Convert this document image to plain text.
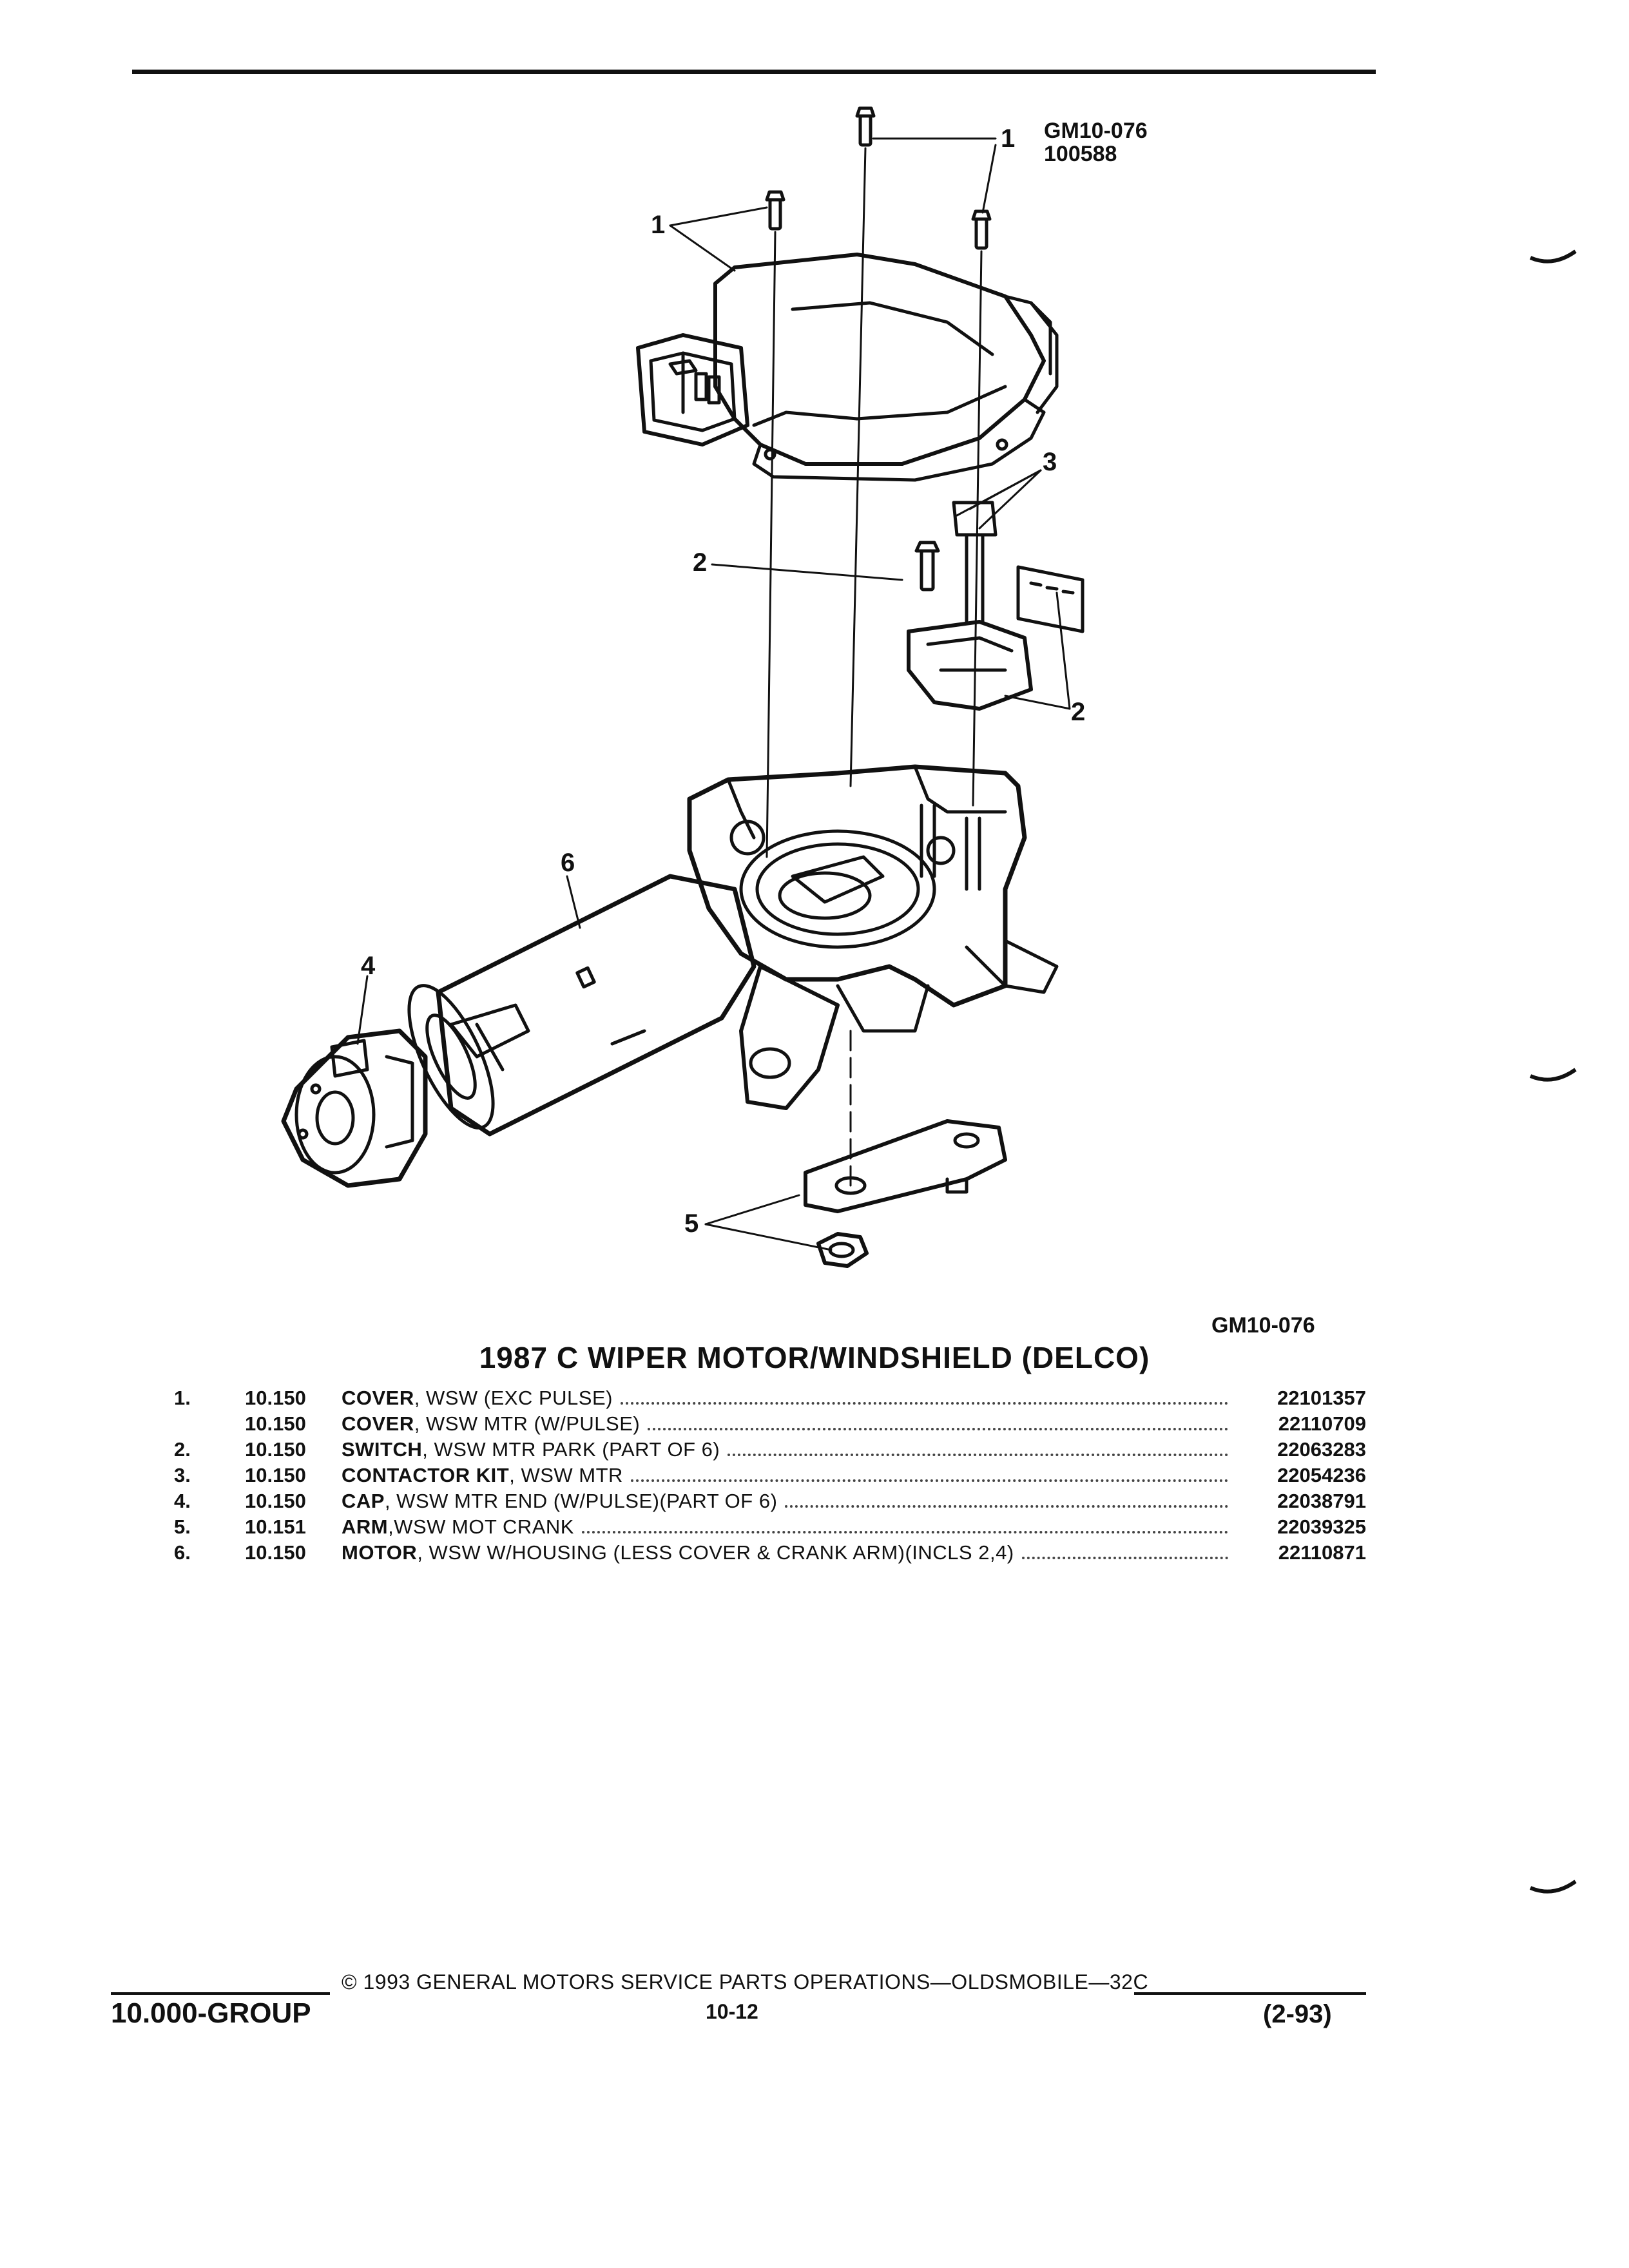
1
1
2
2
3
4
5
6
GM10-076
100588
GM10-076
1987 C WIPER MOTOR/WINDSHIELD (DELCO)
1.	10.150	COVER, WSW (EXC PULSE)	22101357
10.150	COVER, WSW MTR (W/PULSE)	22110709
2.	10.150	SWITCH, WSW MTR PARK (PART OF 6)	22063283
3.	10.150	CONTACTOR KIT, WSW MTR	22054236
4.	10.150	CAP, WSW MTR END (W/PULSE)(PART OF 6)	22038791
5.	10.151	ARM,WSW MOT CRANK	22039325
6.	10.150	MOTOR, WSW W/HOUSING (LESS COVER & CRANK ARM)(INCLS 2,4)	22110871
10.000-GROUP
© 1993 GENERAL MOTORS SERVICE PARTS OPERATIONS—OLDSMOBILE—32C
10-12	(2-93)
